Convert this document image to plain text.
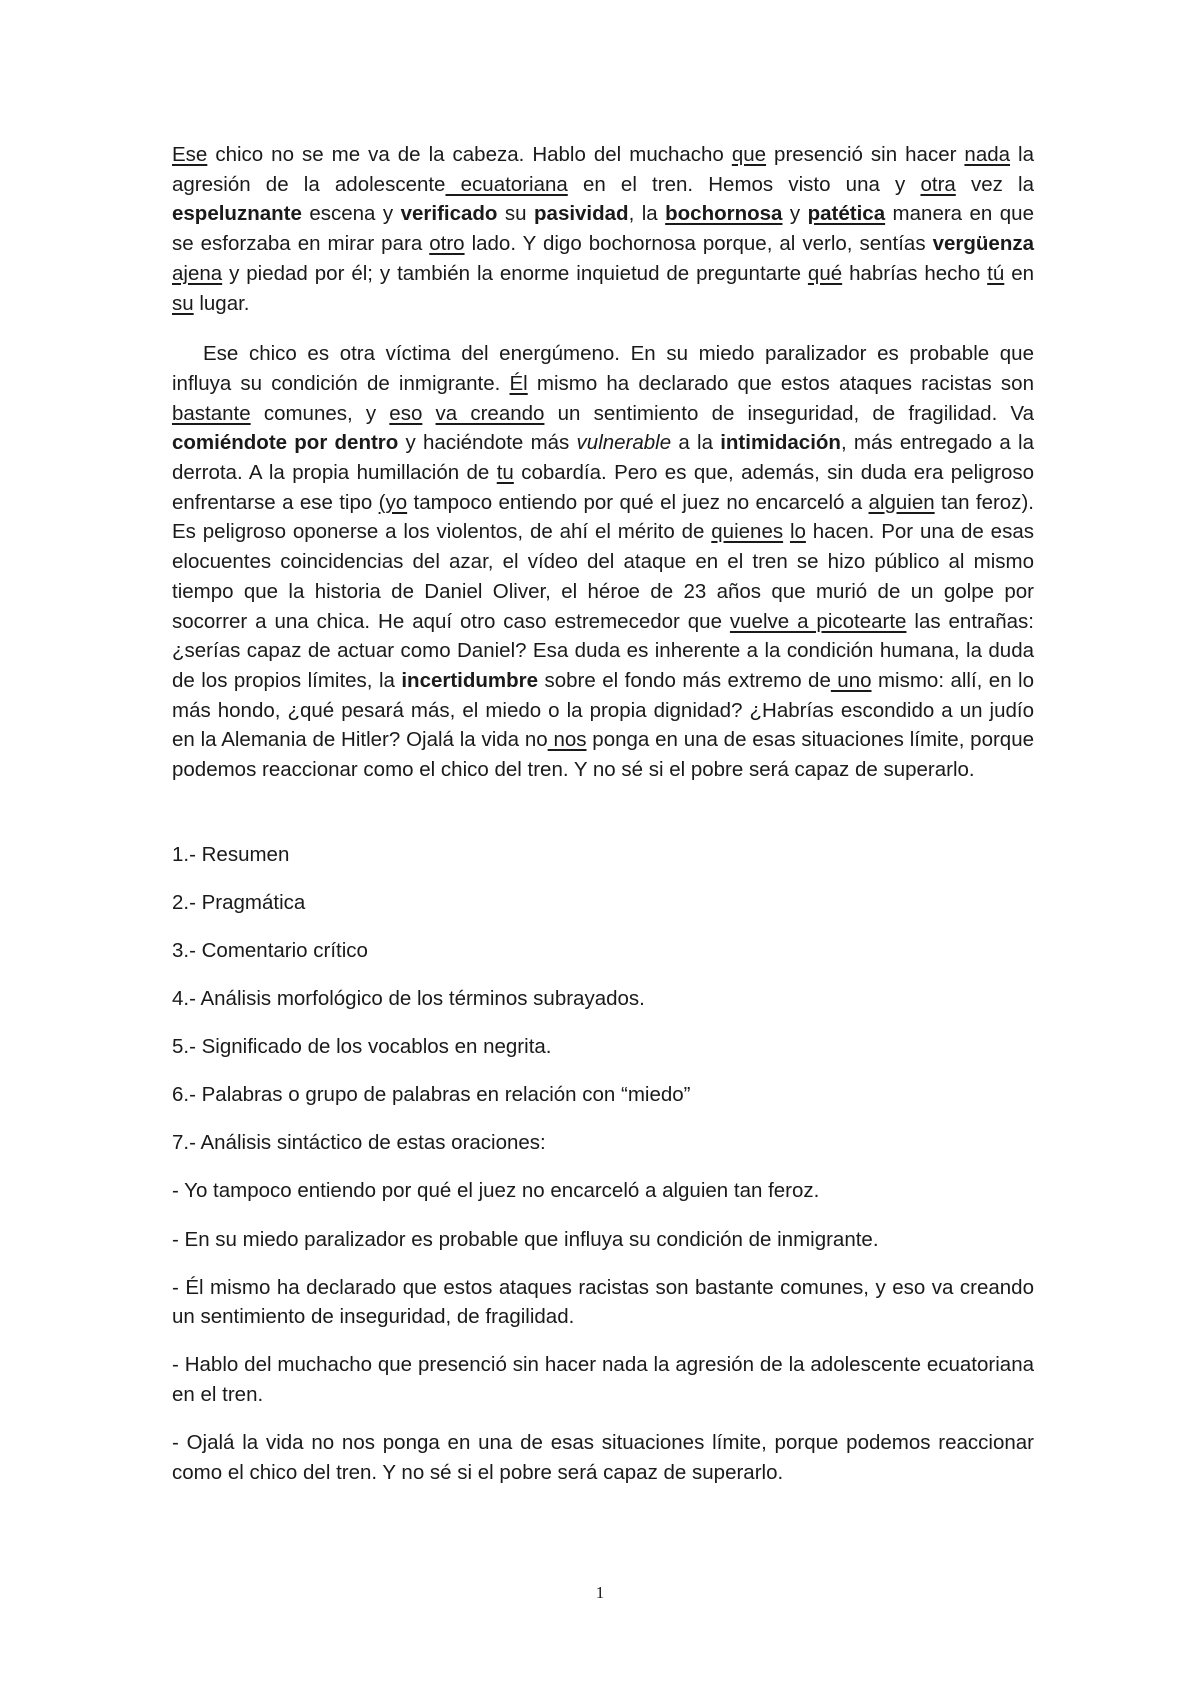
Ese chico no se me va de la cabeza. Hablo del muchacho que presenció sin hacer nada la agresión de la adolescente ecuatoriana en el tren. Hemos visto una y otra vez la espeluznante escena y verificado su pasividad, la bochornosa y patética manera en que se esforzaba en mirar para otro lado. Y digo bochornosa porque, al verlo, sentías vergüenza ajena y piedad por él; y también la enorme inquietud de preguntarte qué habrías hecho tú en su lugar.

Ese chico es otra víctima del energúmeno. En su miedo paralizador es probable que influya su condición de inmigrante. Él mismo ha declarado que estos ataques racistas son bastante comunes, y eso va creando un sentimiento de inseguridad, de fragilidad. Va comiéndote por dentro y haciéndote más vulnerable a la intimidación, más entregado a la derrota. A la propia humillación de tu cobardía. Pero es que, además, sin duda era peligroso enfrentarse a ese tipo (yo tampoco entiendo por qué el juez no encarceló a alguien tan feroz). Es peligroso oponerse a los violentos, de ahí el mérito de quienes lo hacen. Por una de esas elocuentes coincidencias del azar, el vídeo del ataque en el tren se hizo público al mismo tiempo que la historia de Daniel Oliver, el héroe de 23 años que murió de un golpe por socorrer a una chica. He aquí otro caso estremecedor que vuelve a picotearte las entrañas: ¿serías capaz de actuar como Daniel? Esa duda es inherente a la condición humana, la duda de los propios límites, la incertidumbre sobre el fondo más extremo de uno mismo: allí, en lo más hondo, ¿qué pesará más, el miedo o la propia dignidad? ¿Habrías escondido a un judío en la Alemania de Hitler? Ojalá la vida no nos ponga en una de esas situaciones límite, porque podemos reaccionar como el chico del tren. Y no sé si el pobre será capaz de superarlo.

1.- Resumen

2.- Pragmática

3.- Comentario crítico

4.- Análisis morfológico de los términos subrayados.

5.- Significado de los vocablos en negrita.

6.- Palabras o grupo de palabras en relación con “miedo”

7.- Análisis sintáctico de estas oraciones:

- Yo tampoco entiendo por qué el juez no encarceló a alguien tan feroz.

- En su miedo paralizador es probable que influya su condición de inmigrante.

- Él mismo ha declarado que estos ataques racistas son bastante comunes, y eso va creando un sentimiento de inseguridad, de fragilidad.

- Hablo del muchacho que presenció sin hacer nada la agresión de la adolescente ecuatoriana en el tren.

- Ojalá la vida no nos ponga en una de esas situaciones límite, porque podemos reaccionar como el chico del tren. Y no sé si el pobre será capaz de superarlo.

1
